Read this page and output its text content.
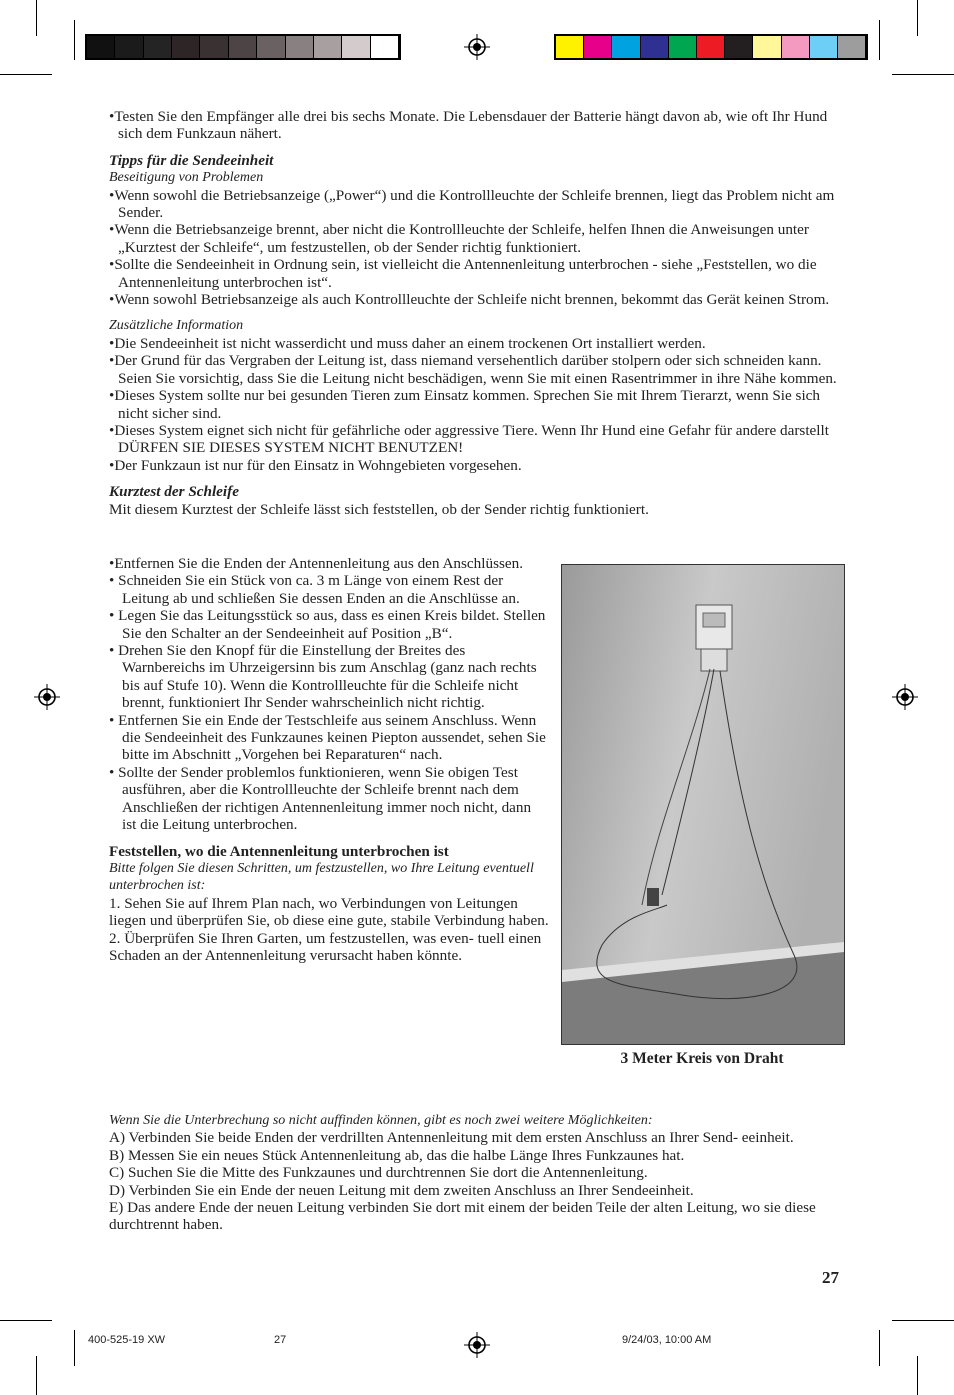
•Testen Sie den Empfänger alle drei bis sechs Monate. Die Lebensdauer der Batterie hängt davon ab, wie oft Ihr Hund sich dem Funkzaun nähert.

Tipps für die Sendeeinheit

Beseitigung von Problemen

•Wenn sowohl die Betriebsanzeige („Power“) und die Kontrollleuchte der Schleife brennen, liegt das Problem nicht am Sender.

•Wenn die Betriebsanzeige brennt, aber nicht die Kontrollleuchte der Schleife, helfen Ihnen die Anweisungen unter „Kurztest der Schleife“, um festzustellen, ob der Sender richtig funktioniert.

•Sollte die Sendeeinheit in Ordnung sein, ist vielleicht die Antennenleitung unterbrochen - siehe „Feststellen, wo die Antennenleitung unterbrochen ist“.

•Wenn sowohl Betriebsanzeige als auch Kontrollleuchte der Schleife nicht brennen, bekommt das Gerät keinen Strom.

Zusätzliche Information

•Die Sendeeinheit ist nicht wasserdicht und muss daher an einem trockenen Ort installiert werden.

•Der Grund für das Vergraben der Leitung ist, dass niemand versehentlich darüber stolpern oder sich schneiden kann. Seien Sie vorsichtig, dass Sie die Leitung nicht beschädigen, wenn Sie mit einen Rasentrimmer in ihre Nähe kommen.

•Dieses System sollte nur bei gesunden Tieren zum Einsatz kommen. Sprechen Sie mit Ihrem Tierarzt, wenn Sie sich nicht sicher sind.

•Dieses System eignet sich nicht für gefährliche oder aggressive Tiere. Wenn Ihr Hund eine Gefahr für andere darstellt DÜRFEN SIE DIESES SYSTEM NICHT BENUTZEN!

•Der Funkzaun ist nur für den Einsatz in Wohngebieten vorgesehen.

Kurztest der Schleife

Mit diesem Kurztest der Schleife lässt sich feststellen, ob der Sender richtig funktioniert.

•Entfernen Sie die Enden der Antennenleitung aus den Anschlüssen.

• Schneiden Sie ein Stück von ca. 3 m Länge von einem Rest der Leitung ab und schließen Sie dessen Enden an die Anschlüsse an.

• Legen Sie das Leitungsstück so aus, dass es einen Kreis bildet. Stellen Sie den Schalter an der Sendeeinheit auf Position „B“.

• Drehen Sie den Knopf für die Einstellung der Breites des Warnbereichs im Uhrzeigersinn bis zum Anschlag (ganz nach rechts bis auf Stufe 10). Wenn die Kontrollleuchte für die Schleife nicht brennt, funktioniert Ihr Sender wahrscheinlich nicht richtig.

• Entfernen Sie ein Ende der Testschleife aus seinem Anschluss. Wenn die Sendeeinheit des Funkzaunes keinen Piepton aussendet, sehen Sie bitte im Abschnitt „Vorgehen bei Reparaturen“ nach.

• Sollte der Sender problemlos funktionieren, wenn Sie obigen Test ausführen, aber die Kontrollleuchte der Schleife brennt nach dem Anschließen der richtigen Antennenleitung immer noch nicht, dann ist die Leitung unterbrochen.

Feststellen, wo die Antennenleitung unterbrochen ist

Bitte folgen Sie diesen Schritten, um festzustellen, wo Ihre Leitung eventuell unterbrochen ist:

1. Sehen Sie auf Ihrem Plan nach, wo Verbindungen von Leitungen liegen und überprüfen Sie, ob diese eine gute, stabile Verbindung haben.

2. Überprüfen Sie Ihren Garten, um festzustellen, was even- tuell einen Schaden an der Antennenleitung verursacht haben könnte.

3 Meter Kreis von Draht

Wenn Sie die Unterbrechung so nicht auffinden können, gibt es noch zwei weitere Möglichkeiten:

A) Verbinden Sie beide Enden der verdrillten Antennenleitung mit dem ersten Anschluss an Ihrer Send- eeinheit.

B) Messen Sie ein neues Stück Antennenleitung ab, das die halbe Länge Ihres Funkzaunes hat.

C) Suchen Sie die Mitte des Funkzaunes und durchtrennen Sie dort die Antennenleitung.

D) Verbinden Sie ein Ende der neuen Leitung mit dem zweiten Anschluss an Ihrer Sendeeinheit.

E) Das andere Ende der neuen Leitung verbinden Sie dort mit einem der beiden Teile der alten Leitung, wo sie diese durchtrennt haben.

27
400-525-19 XW	27	9/24/03, 10:00 AM
